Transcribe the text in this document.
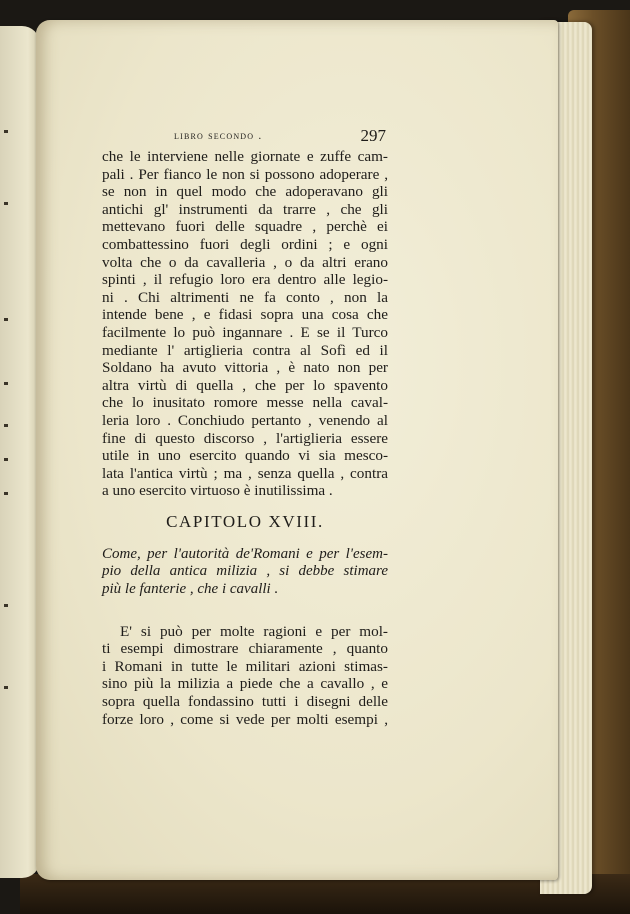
libro secondo .	297
che le interviene nelle giornate e zuffe cam-
pali . Per fianco le non si possono adoperare ,
se non in quel modo che adoperavano gli
antichi gl' instrumenti da trarre , che gli
mettevano fuori delle squadre , perchè ei
combattessino fuori degli ordini ; e ogni
volta che o da cavalleria , o da altri erano
spinti , il refugio loro era dentro alle legio-
ni . Chi altrimenti ne fa conto , non la
intende bene , e fidasi sopra una cosa che
facilmente lo può ingannare . E se il Turco
mediante l' artiglieria contra al Sofì ed il
Soldano ha avuto vittoria , è nato non per
altra virtù di quella , che per lo spavento
che lo inusitato romore messe nella caval-
leria loro . Conchiudo pertanto , venendo al
fine di questo discorso , l'artiglieria essere
utile in uno esercito quando vi sia mesco-
lata l'antica virtù ; ma , senza quella , contra
a uno esercito virtuoso è inutilissima .
CAPITOLO XVIII.
Come, per l'autorità de'Romani e per l'esem-
pio della antica milizia , si debbe stimare
più le fanterie , che i cavalli .
E' si può per molte ragioni e per mol-
ti esempi dimostrare chiaramente , quanto
i Romani in tutte le militari azioni stimas-
sino più la milizia a piede che a cavallo , e
sopra quella fondassino tutti i disegni delle
forze loro , come si vede per molti esempi ,
